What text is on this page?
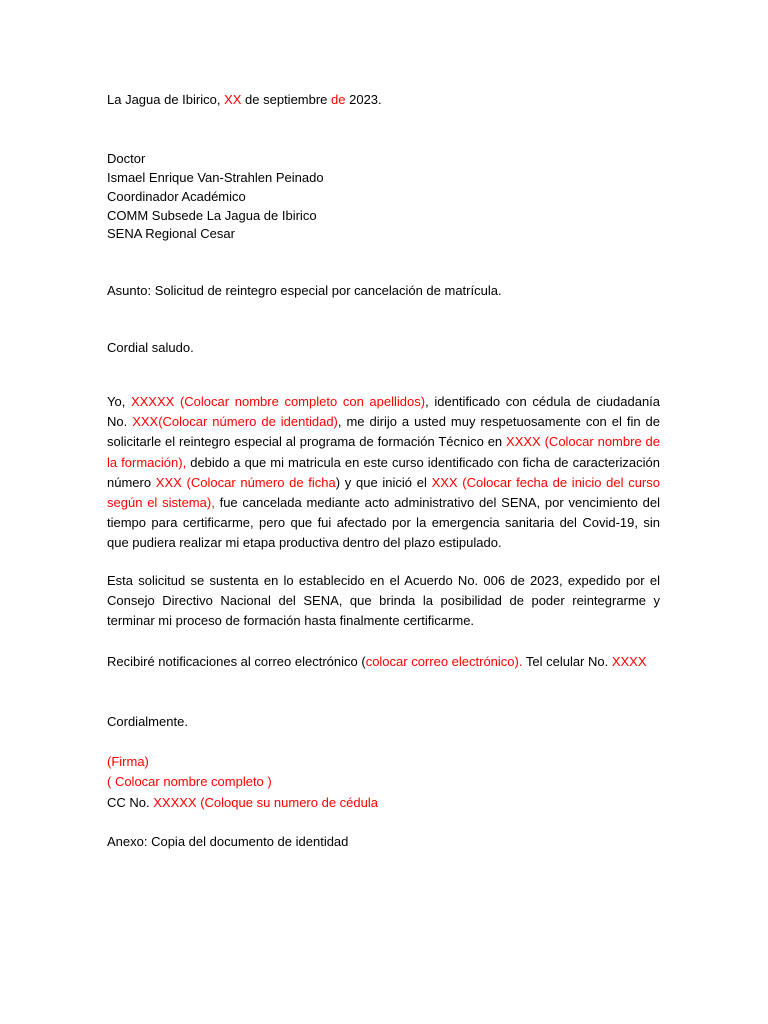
La Jagua de Ibirico, XX de septiembre de 2023.
Doctor
Ismael Enrique Van-Strahlen Peinado
Coordinador Académico
COMM Subsede La Jagua de Ibirico
SENA Regional Cesar
Asunto: Solicitud de reintegro especial por cancelación de matrícula.
Cordial saludo.
Yo, XXXXX (Colocar nombre completo con apellidos), identificado con cédula de ciudadanía No. XXX(Colocar número de identidad), me dirijo a usted muy respetuosamente con el fin de solicitarle el reintegro especial al programa de formación Técnico en XXXX (Colocar nombre de la formación), debido a que mi matricula en este curso identificado con ficha de caracterización número XXX (Colocar número de ficha) y que inició el XXX (Colocar fecha de inicio del curso según el sistema), fue cancelada mediante acto administrativo del SENA, por vencimiento del tiempo para certificarme, pero que fui afectado por la emergencia sanitaria del Covid-19, sin que pudiera realizar mi etapa productiva dentro del plazo estipulado.
Esta solicitud se sustenta en lo establecido en el Acuerdo No. 006 de 2023, expedido por el Consejo Directivo Nacional del SENA, que brinda la posibilidad de poder reintegrarme y terminar mi proceso de formación hasta finalmente certificarme.
Recibiré notificaciones al correo electrónico (colocar correo electrónico). Tel celular No. XXXX
Cordialmente.
(Firma)
( Colocar nombre completo )
CC No. XXXXX (Coloque su numero de cédula
Anexo: Copia del documento de identidad
